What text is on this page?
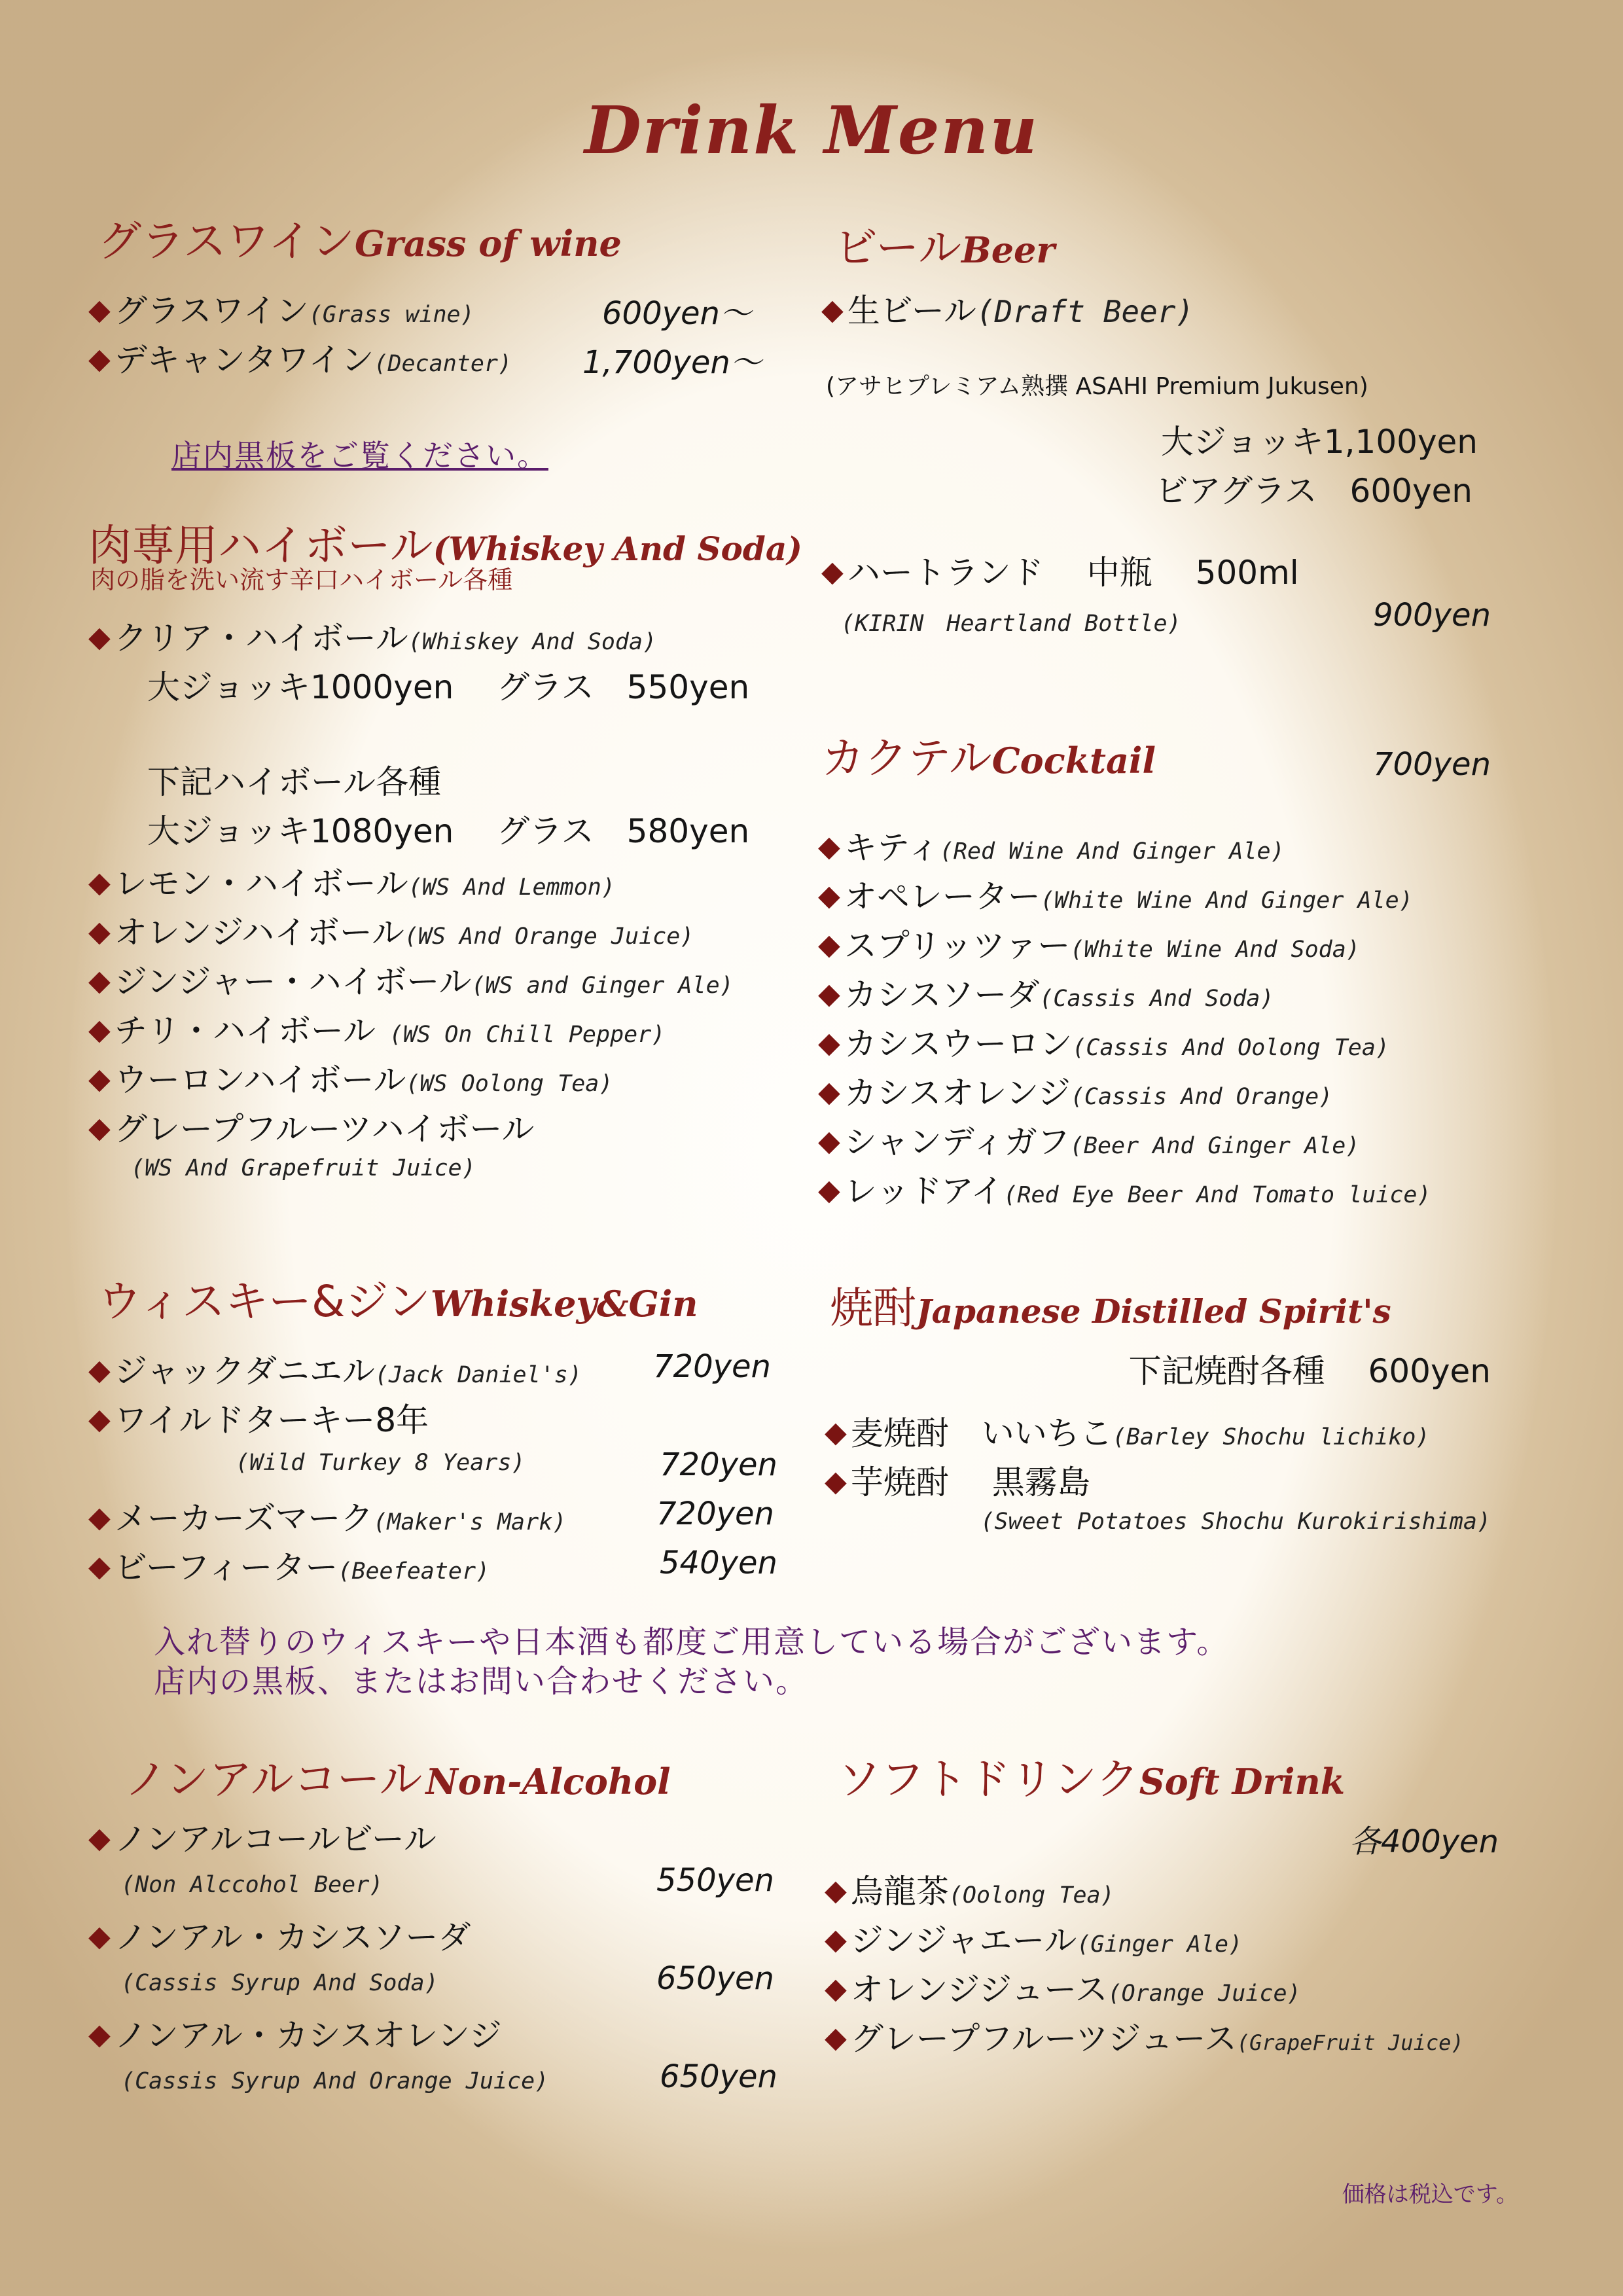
Drink Menu
グラスワインGrass of wine
◆ グラスワイン(Grass wine)	600yen～
◆ デキャンタワイン(Decanter) 1,700yen～
店内黒板をご覧ください。
肉専用ハイボール(Whiskey And Soda)
肉の脂を洗い流す辛口ハイボール各種
◆ クリア・ハイボール(Whiskey And Soda)
大ジョッキ1000yen　 グラス　550yen
下記ハイボール各種
大ジョッキ1080yen　 グラス　580yen
◆ レモン・ハイボール(WS And Lemmon)
◆ オレンジハイボール(WS And Orange Juice)
◆ ジンジャー・ハイボール(WS and Ginger Ale)
◆ チリ・ハイボール (WS On Chill Pepper)
◆ ウーロンハイボール(WS Oolong Tea)
◆ グレープフルーツハイボール
(WS And Grapefruit Juice)
ウィスキー&ジンWhiskey&Gin
◆ ジャックダニエル(Jack Daniel's) 720yen
◆ ワイルドターキー8年
(Wild Turkey 8 Years)	720yen
◆ メーカーズマーク(Maker's Mark)	720yen
◆ ビーフィーター(Beefeater)	540yen
ビールBeer
◆ 生ビール(Draft Beer)
(アサヒプレミアム熟撰 ASAHI Premium Jukusen)
大ジョッキ1,100yen
ビアグラス　600yen
◆ ハートランド　 中瓶　 500ml
(KIRIN　Heartland Bottle)	900yen
カクテルCocktail	700yen
◆ キティ(Red Wine And Ginger Ale)
◆ オペレーター(White Wine And Ginger Ale)
◆ スプリッツァー(White Wine And Soda)
◆ カシスソーダ(Cassis And Soda)
◆ カシスウーロン(Cassis And Oolong Tea)
◆ カシスオレンジ(Cassis And Orange)
◆ シャンディガフ(Beer And Ginger Ale)
◆ レッドアイ(Red Eye Beer And Tomato luice)
焼酎Japanese Distilled Spirit's
下記焼酎各種　 600yen
◆ 麦焼酎　いいちこ(Barley Shochu lichiko)
◆ 芋焼酎　 黒霧島
(Sweet Potatoes Shochu Kurokirishima)
入れ替りのウィスキーや日本酒も都度ご用意している場合がございます。
店内の黒板、またはお問い合わせください。
ノンアルコール Non-Alcohol
◆ ノンアルコールビール
(Non Alccohol Beer)	550yen
◆ ノンアル・カシスソーダ
(Cassis Syrup And Soda)	650yen
◆ ノンアル・カシスオレンジ
(Cassis Syrup And Orange Juice)	650yen
ソフトドリンクSoft Drink
各400yen
◆ 烏龍茶(Oolong Tea)
◆ ジンジャエール(Ginger Ale)
◆ オレンジジュース(Orange Juice)
◆ グレープフルーツジュース(GrapeFruit Juice)
価格は税込です。
